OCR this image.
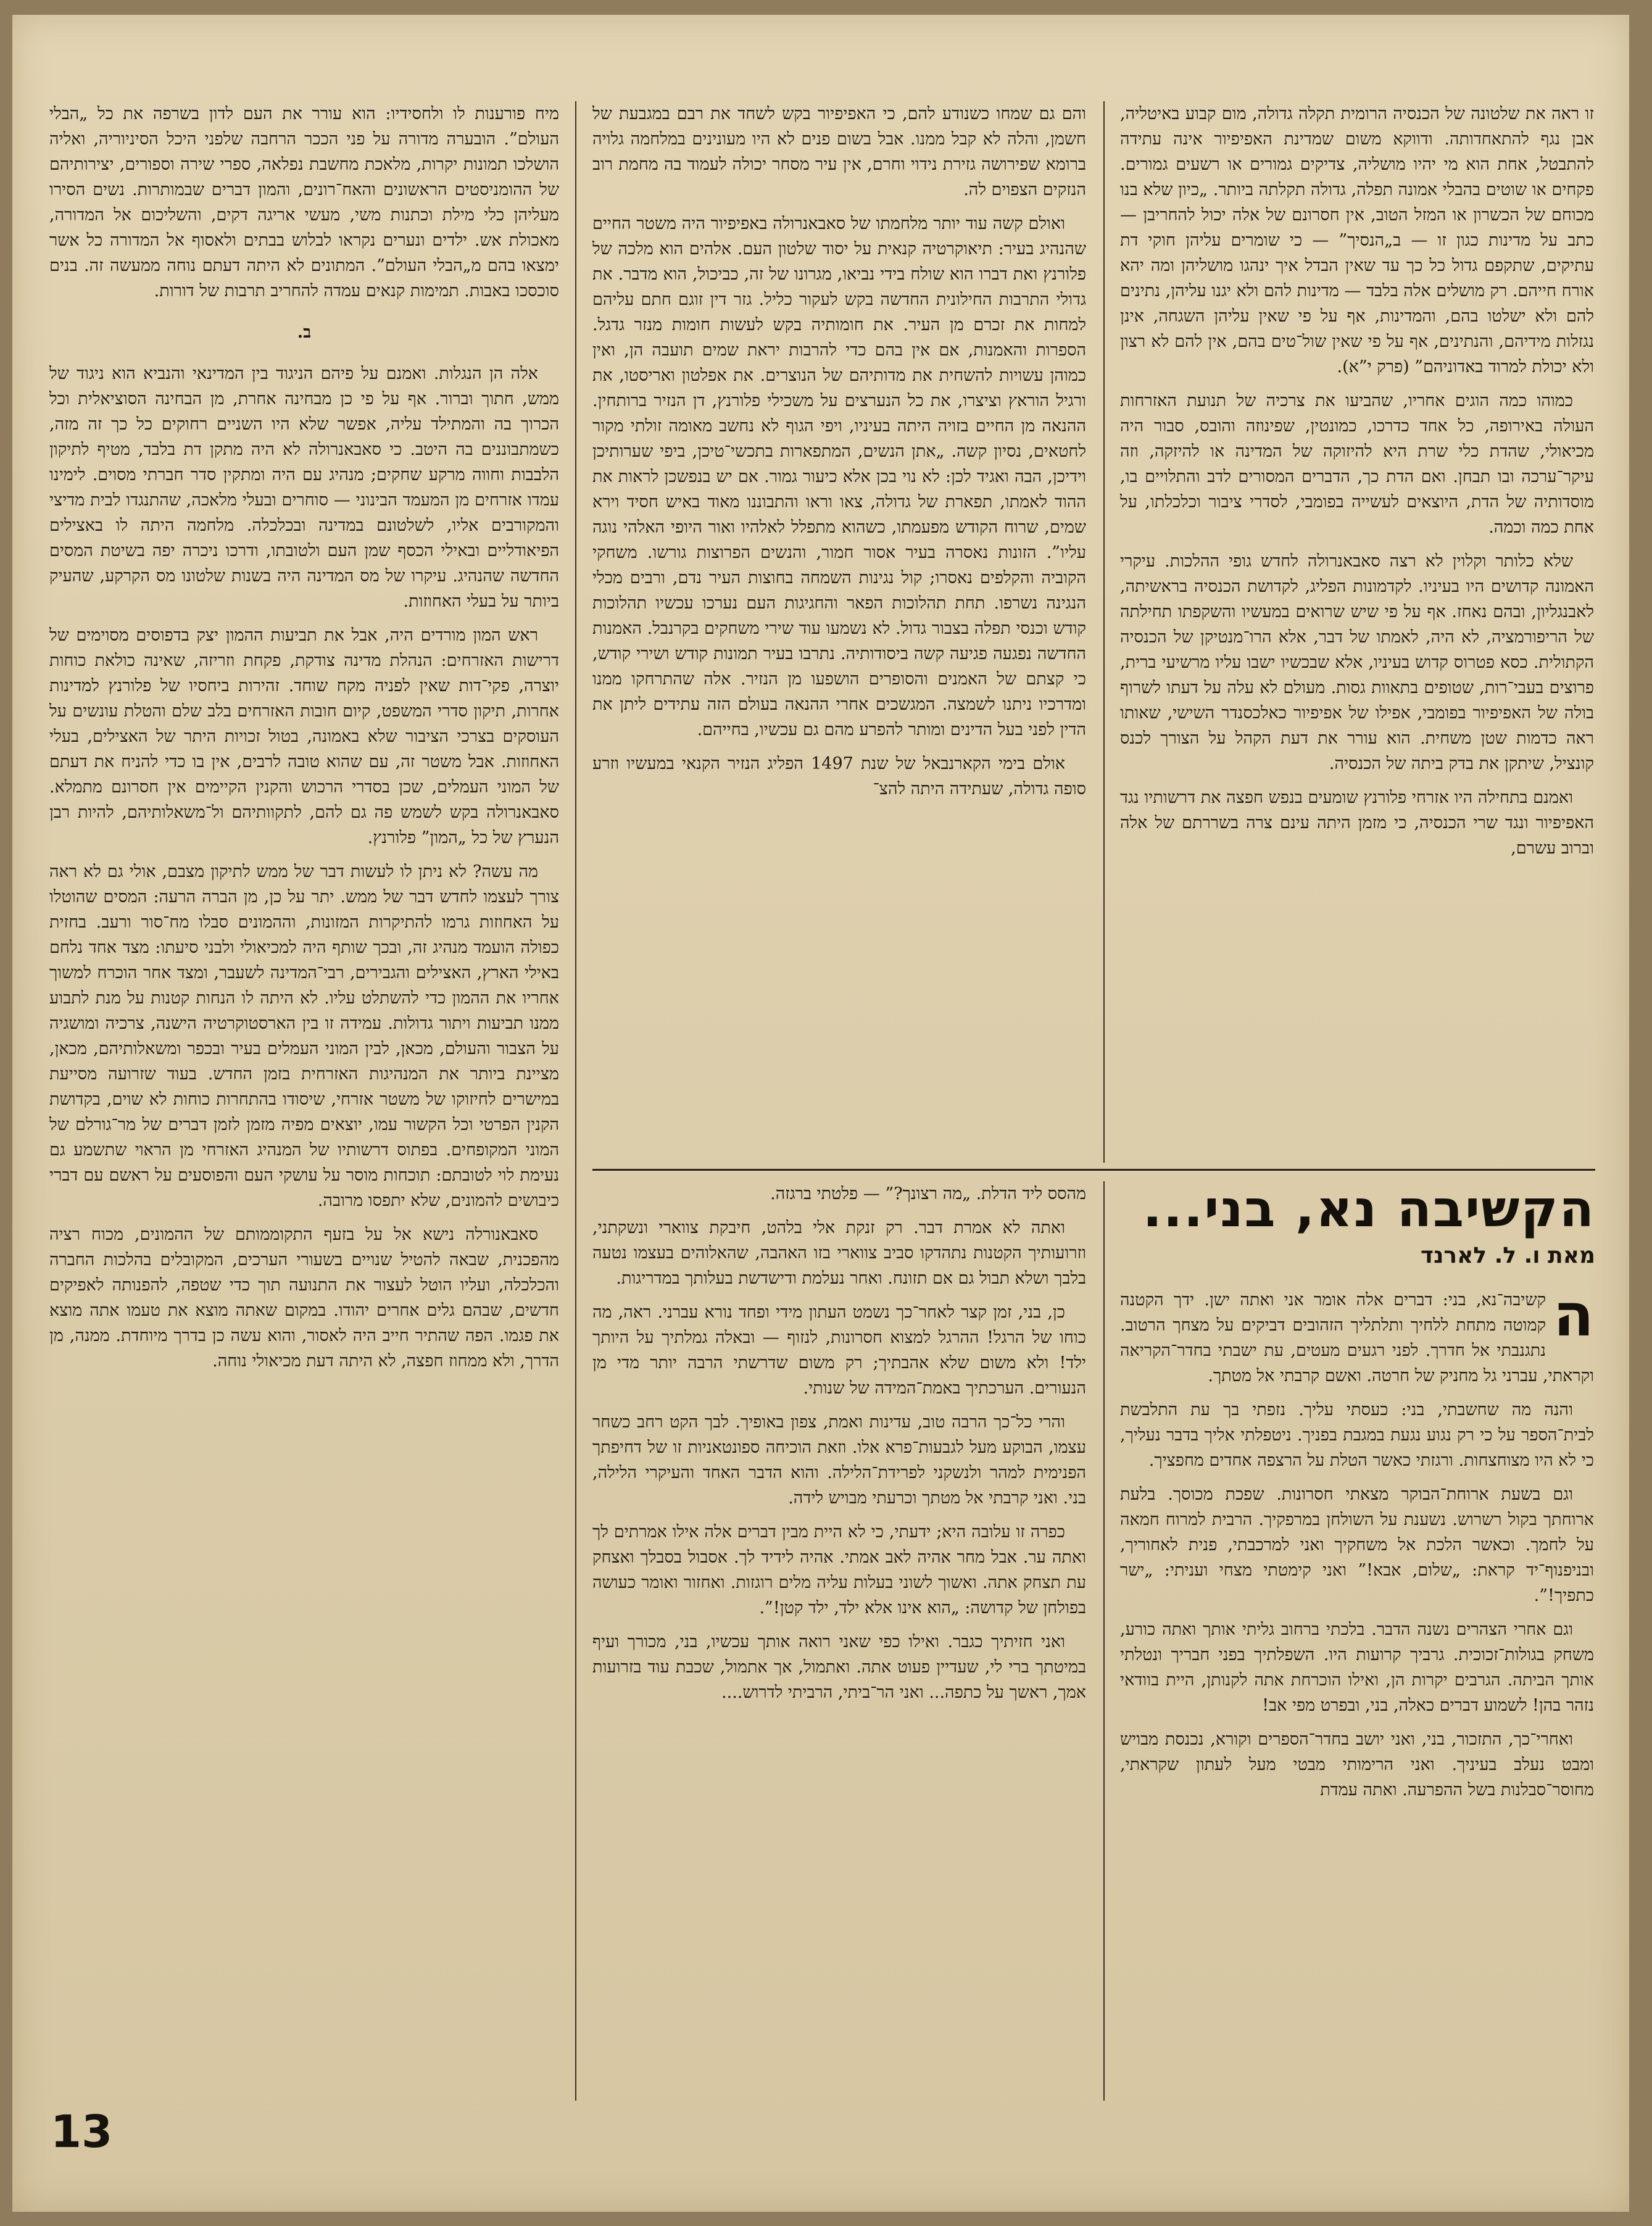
זו ראה את שלטונה של הכנסיה הרומית תקלה גדולה, מום קבוע באיטליה, אבן נגף להתאחדותה. ודווקא משום שמדינת האפיפיור אינה עתידה להתבטל, אחת הוא מי יהיו מושליה, צדיקים גמורים או רשעים גמורים. פקחים או שוטים בהבלי אמונה תפלה, גדולה תקלתה ביותר. „כיון שלא בנו מכוחם של הכשרון או המזל הטוב, אין חסרונם של אלה יכול להחריבן — כתב על מדינות כגון זו — ב„הנסיך” — כי שומרים עליהן חוקי דת עתיקים, שתקפם גדול כל כך עד שאין הבדל איך ינהגו מושליהן ומה יהא אורח חייהם. רק מושלים אלה בלבד — מדינות להם ולא יגנו עליהן, נתינים להם ולא ישלטו בהם, והמדינות, אף על פי שאין עליהן השגחה, אינן נגזלות מידיהם, והנתינים, אף על פי שאין שול־טים בהם, אין להם לא רצון ולא יכולת למרוד באדוניהם” (פרק י”א).

כמוהו כמה הוגים אחריו, שהביעו את צרכיה של תנועת האזרחות העולה באירופה, כל אחד כדרכו, כמונטין, שפינוזה והובס, סבור היה מכיאולי, שהדת כלי שרת היא להיזוקה של המדינה או להיזקה, וזה עיקר־ערכה ובו תבחן. ואם הדת כך, הדברים המסורים לדב והתלויים בו, מוסדותיה של הדת, היוצאים לעשייה בפומבי, לסדרי ציבור וכלכלתו, על אחת כמה וכמה.

שלא כלותר וקלוין לא רצה סאבאנרולה לחדש גופי ההלכות. עיקרי האמונה קדושים היו בעיניו. לקדמונות הפליג, לקדושת הכנסיה בראשיתה, לאבנגליון, ובהם נאחז. אף על פי שיש שרואים במעשיו והשקפתו תחילתה של הריפורמציה, לא היה, לאמתו של דבר, אלא הרו־מנטיקן של הכנסיה הקתולית. כסא פטרוס קדוש בעיניו, אלא שבכשיו ישבו עליו מרשיעי ברית, פרוצים בעבי־רות, שטופים בתאוות גסות. מעולם לא עלה על דעתו לשרוף בולה של האפיפיור בפומבי, אפילו של אפיפיור כאלכסנדר השישי, שאותו ראה כדמות שטן משחית. הוא עורר את דעת הקהל על הצורך לכנס קונציל, שיתקן את בדק ביתה של הכנסיה.

ואמנם בתחילה היו אזרחי פלורנץ שומעים בנפש חפצה את דרשותיו נגד האפיפיור ונגד שרי הכנסיה, כי מזמן היתה עינם צרה בשררתם של אלה וברוב עשרם,

והם גם שמחו כשנודע להם, כי האפיפיור בקש לשחד את רבם במגבעת של חשמן, והלה לא קבל ממנו. אבל בשום פנים לא היו מעונינים במלחמה גלויה ברומא שפירושה גזירת נידוי וחרם, אין עיר מסחר יכולה לעמוד בה מחמת רוב הנזקים הצפוים לה.

ואולם קשה עוד יותר מלחמתו של סאבאנרולה באפיפיור היה משטר החיים שהנהיג בעיר: תיאוקרטיה קנאית על יסוד שלטון העם. אלהים הוא מלכה של פלורנץ ואת דברו הוא שולח בידי נביאו, מגרונו של זה, כביכול, הוא מדבר. את גדולי התרבות החילונית החדשה בקש לעקור כליל. גזר דין זוגם חתם עליהם למחות את זכרם מן העיר. את חומותיה בקש לעשות חומות מנזר גדגל. הספרות והאמנות, אם אין בהם כדי להרבות יראת שמים תועבה הן, ואין כמוהן עשויות להשחית את מדותיהם של הנוצרים. את אפלטון ואריסטו, את ורגיל הוראץ וציצרו, את כל הנערצים על משכילי פלורנץ, דן הנזיר ברותחין. ההנאה מן החיים בזויה היתה בעיניו, ויפי הגוף לא נחשב מאומה זולתי מקור לחטאים, נסיון קשה. „אתן הנשים, המתפארות בתכשי־טיכן, ביפי שערותיכן וידיכן, הבה ואגיד לכן: לא נוי בכן אלא כיעור גמור. אם יש בנפשכן לראות את ההוד לאמתו, תפארת של גדולה, צאו וראו והתבוננו מאוד באיש חסיד וירא שמים, שרוח הקודש מפעמתו, כשהוא מתפלל לאלהיו ואור היופי האלהי נוגה עליו”. הזונות נאסרה בעיר אסור חמור, והנשים הפרוצות גורשו. משחקי הקוביה והקלפים נאסרו; קול נגינות השמחה בחוצות העיר נדם, ורבים מכלי הנגינה נשרפו. תחת תהלוכות הפאר והחגיגות העם נערכו עכשיו תהלוכות קודש וכנסי תפלה בצבור גדול. לא נשמעו עוד שירי משחקים בקרנבל. האמנות החדשה נפגעה פגיעה קשה ביסודותיה. נתרבו בעיר תמונות קודש ושירי קודש, כי קצתם של האמנים והסופרים הושפעו מן הנזיר. אלה שהתרחקו ממנו ומדרכיו ניתנו לשמצה. המגשכים אחרי ההנאה בעולם הזה עתידים ליתן את הדין לפני בעל הדינים ומותר להפרע מהם גם עכשיו, בחייהם.

אולם בימי הקארנבאל של שנת 1497 הפליג הנזיר הקנאי במעשיו וזרע סופה גדולה, שעתידה היתה להצ־

מיח פורענות לו ולחסידיו: הוא עורר את העם לדון בשרפה את כל „הבלי העולם”. הובערה מדורה על פני הככר הרחבה שלפני היכל הסיניוריה, ואליה הושלכו תמונות יקרות, מלאכת מחשבת נפלאה, ספרי שירה וספורים, יצירותיהם של ההומניסטים הראשונים והאח־רונים, והמון דברים שבמותרות. נשים הסירו מעליהן כלי מילת וכתנות משי, מעשי אריגה דקים, והשליכום אל המדורה, מאכולת אש. ילדים ונערים נקראו לבלוש בבתים ולאסוף אל המדורה כל אשר ימצאו בהם מ„הבלי העולם”. המתונים לא היתה דעתם נוחה ממעשה זה. בנים סוכסכו באבות. תמימות קנאים עמדה להחריב תרבות של דורות.

ב.

אלה הן הנגלות. ואמנם על פיהם הניגוד בין המדינאי והנביא הוא ניגוד של ממש, חתוך וברור. אף על פי כן מבחינה אחרת, מן הבחינה הסוציאלית וכל הכרוך בה והמתילד עליה, אפשר שלא היו השניים רחוקים כל כך זה מזה, כשמתבוננים בה היטב. כי סאבאנרולה לא היה מתקן דת בלבד, מטיף לתיקון הלבבות וחווה מרקע שחקים; מנהיג עם היה ומתקין סדר חברתי מסוים. לימינו עמדו אזרחים מן המעמד הבינוני — סוחרים ובעלי מלאכה, שהתנגדו לבית מדיצי והמקורבים אליו, לשלטונם במדינה ובכלכלה. מלחמה היתה לו באצילים הפיאודליים ובאילי הכסף שמן העם ולטובתו, ודרכו ניכרה יפה בשיטת המסים החדשה שהנהיג. עיקרו של מס המדינה היה בשנות שלטונו מס הקרקע, שהעיק ביותר על בעלי האחוזות.

ראש המון מורדים היה, אבל את תביעות ההמון יצק בדפוסים מסוימים של דרישות האזרחים: הנהלת מדינה צודקת, פקחת וזריזה, שאינה כולאת כוחות יוצרה, פקי־דות שאין לפניה מקח שוחד. זהירות ביחסיו של פלורנץ למדינות אחרות, תיקון סדרי המשפט, קיום חובות האזרחים בלב שלם והטלת עונשים על העוסקים בצרכי הציבור שלא באמונה, בטול זכויות היתר של האצילים, בעלי האחוזות. אבל משטר זה, עם שהוא טובה לרבים, אין בו כדי להניח את דעתם של המוני העמלים, שכן בסדרי הרכוש והקנין הקיימים אין חסרונם מתמלא. סאבאנרולה בקש לשמש פה גם להם, לתקוותיהם ול־משאלותיהם, להיות רבן הנערץ של כל „המון” פלורנץ.

מה עשה? לא ניתן לו לעשות דבר של ממש לתיקון מצבם, אולי גם לא ראה צורך לעצמו לחדש דבר של ממש. יתר על כן, מן הברה הרעה: המסים שהוטלו על האחוזות גרמו להתיקרות המזונות, וההמונים סבלו מח־סור ורעב. בחזית כפולה הועמד מנהיג זה, ובכך שותף היה למכיאולי ולבני סיעתו: מצד אחד נלחם באילי הארץ, האצילים והגבירים, רבי־המדינה לשעבר, ומצד אחר הוכרח למשוך אחריו את ההמון כדי להשתלט עליו. לא היתה לו הנחות קטנות על מנת לתבוע ממנו תביעות ויתור גדולות. עמידה זו בין הארסטוקרטיה הישנה, צרכיה ומושגיה על הצבור והעולם, מכאן, לבין המוני העמלים בעיר ובכפר ומשאלותיהם, מכאן, מציינת ביותר את המנהיגות האזרחית בזמן החדש. בעוד שזרועה מסייעת במישרים לחיזוקו של משטר אזרחי, שיסודו בהתחרות כוחות לא שוים, בקדושת הקנין הפרטי וכל הקשור עמו, יוצאים מפיה מזמן לזמן דברים של מר־גורלם של המוני המקופחים. בפתוס דרשותיו של המנהיג האזרחי מן הראוי שתשמע גם נעימת לוי לטובתם: תוכחות מוסר על עושקי העם והפוסעים על ראשם עם דברי כיבושים להמונים, שלא יתפסו מרובה.

סאבאנורלה נישא אל על בזעף התקוממותם של ההמונים, מכוח רציה מהפכנית, שבאה להטיל שנויים בשעורי הערכים, המקובלים בהלכות החברה והכלכלה, ועליו הוטל לעצור את התנועה תוך כדי שטפה, להפנותה לאפיקים חדשים, שבהם גלים אחרים יהודו. במקום שאתה מוצא את טעמו אתה מוצא את פגמו. הפה שהתיר חייב היה לאסור, והוא עשה כן בדרך מיוחדת. ממנה, מן הדרך, ולא ממחוז חפצה, לא היתה דעת מכיאולי נוחה.

הקשיבה נא, בני...
מאת ו. ל. לארנד

ה
קשיבה־נא, בני: דברים אלה אומר אני ואתה ישן. ידך הקטנה קמוטה מתחת ללחיך ותלתליך הזהובים דביקים על מצחך הרטוב. נתגנבתי אל חדרך. לפני רגעים מעטים, עת ישבתי בחדר־הקריאה וקראתי, עברני גל מחניק של חרטה. ואשם קרבתי אל מטתך.

והנה מה שחשבתי, בני: כעסתי עליך. נזפתי בך עת התלבשת לבית־הספר על כי רק נגוע נגעת במגבת בפניך. ניטפלתי אליך בדבר נעליך, כי לא היו מצוחצחות. ורגזתי כאשר הטלת על הרצפה אחדים מחפציך.

וגם בשעת ארוחת־הבוקר מצאתי חסרונות. שפכת מכוסך. בלעת ארוחתך בקול רשרוש. נשענת על השולחן במרפקיך. הרבית למרוח חמאה על לחמך. וכאשר הלכת אל משחקיך ואני למרכבתי, פנית לאחוריך, ובניפנוף־יד קראת: „שלום, אבא!” ואני קימטתי מצחי ועניתי: „ישר כתפיך!”.

וגם אחרי הצהרים נשנה הדבר. בלכתי ברחוב גליתי אותך ואתה כורע, משחק בגולות־זכוכית. גרביך קרועות היו. השפלתיך בפני חבריך ונטלתי אותך הביתה. הגרבים יקרות הן, ואילו הוכרחת אתה לקנותן, היית בוודאי נזהר בהן! לשמוע דברים כאלה, בני, ובפרט מפי אב!

ואחרי־כך, התזכור, בני, ואני יושב בחדר־הספרים וקורא, נכנסת מבויש ומבט נעלב בעיניך. ואני הרימותי מבטי מעל לעתון שקראתי, מחוסר־סבלנות בשל ההפרעה. ואתה עמדת

מהסס ליד הדלת. „מה רצונך?” — פלטתי ברגזה.

ואתה לא אמרת דבר. רק זנקת אלי בלהט, חיבקת צווארי ונשקתני, וזרועותיך הקטנות נתהדקו סביב צווארי בזו האהבה, שהאלוהים בעצמו נטעה בלבך ושלא תבול גם אם תזונח. ואחר נעלמת ודישדשת בעלותך במדריגות.

כן, בני, זמן קצר לאחר־כך נשמט העתון מידי ופחד נורא עברני. ראה, מה כוחו של הרגל! ההרגל למצוא חסרונות, לנזוף — ובאלה גמלתיך על היותך ילד! ולא משום שלא אהבתיך; רק משום שדרשתי הרבה יותר מדי מן הנעורים. הערכתיך באמת־המידה של שנותי.

והרי כל־כך הרבה טוב, עדינות ואמת, צפון באופיך. לבך הקט רחב כשחר עצמו, הבוקע מעל לגבעות־פרא אלו. וזאת הוכיחה ספונטאניות זו של דחיפתך הפנימית למהר ולנשקני לפרידת־הלילה. והוא הדבר האחד והעיקרי הלילה, בני. ואני קרבתי אל מטתך וכרעתי מבויש לידה.

כפרה זו עלובה היא; ידעתי, כי לא היית מבין דברים אלה אילו אמרתים לך ואתה ער. אבל מחר אהיה לאב אמתי. אהיה לידיד לך. אסבול בסבלך ואצחק עת תצחק אתה. ואשוך לשוני בעלות עליה מלים רוגזות. ואחזור ואומר כעושה בפולחן של קדושה: „הוא אינו אלא ילד, ילד קטן!”.

ואני חזיתיך כגבר. ואילו כפי שאני רואה אותך עכשיו, בני, מכורך ועיף במיטתך ברי לי, שעדיין פעוט אתה. ואתמול, אך אתמול, שכבת עוד בזרועות אמך, ראשך על כתפה... ואני הר־ביתי, הרביתי לדרוש....

13
